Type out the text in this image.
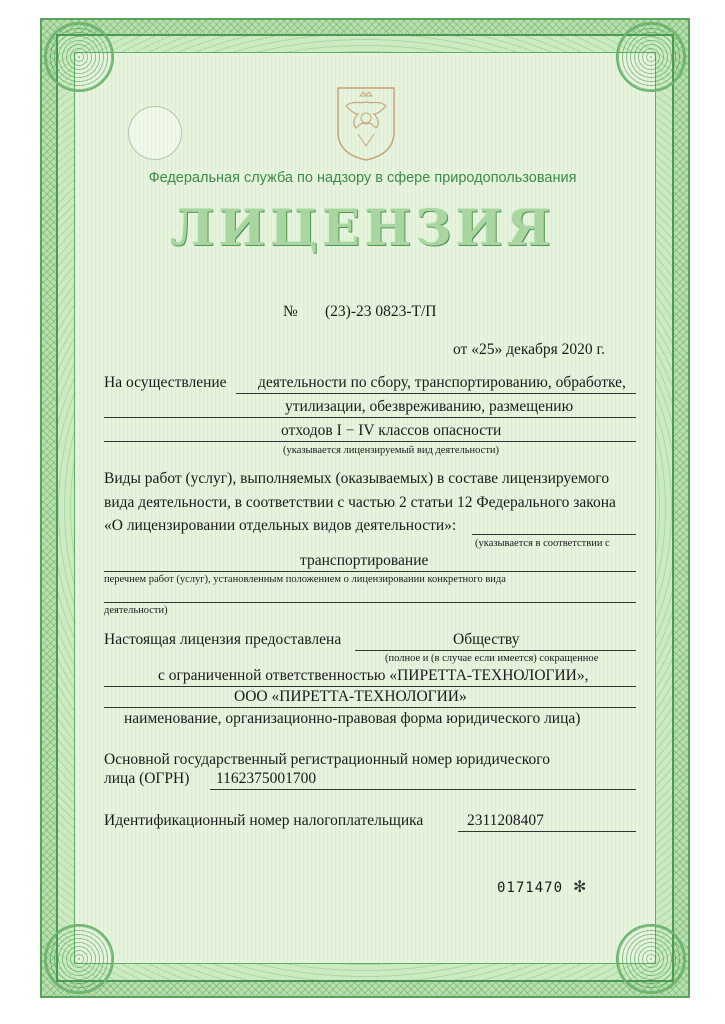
Федеральная служба по надзору в сфере природопользования
ЛИЦЕНЗИЯ
№ (23)-23 0823-Т/П
от «25» декабря 2020 г.
На осуществление деятельности по сбору, транспортированию, обработке,
утилизации, обезвреживанию, размещению
отходов I − IV классов опасности
(указывается лицензируемый вид деятельности)
Виды работ (услуг), выполняемых (оказываемых) в составе лицензируемого
вида деятельности, в соответствии с частью 2 статьи 12 Федерального закона
«О лицензировании отдельных видов деятельности»:
(указывается в соответствии с
транспортирование
перечнем работ (услуг), установленным положением о лицензировании конкретного вида
деятельности)
Настоящая лицензия предоставлена	Обществу
(полное и (в случае если имеется) сокращенное
с ограниченной ответственностью «ПИРЕТТА-ТЕХНОЛОГИИ»,
ООО «ПИРЕТТА-ТЕХНОЛОГИИ»
наименование, организационно-правовая форма юридического лица)
Основной государственный регистрационный номер юридического
лица (ОГРН) 1162375001700
Идентификационный номер налогоплательщика	2311208407
0171470 ✻
